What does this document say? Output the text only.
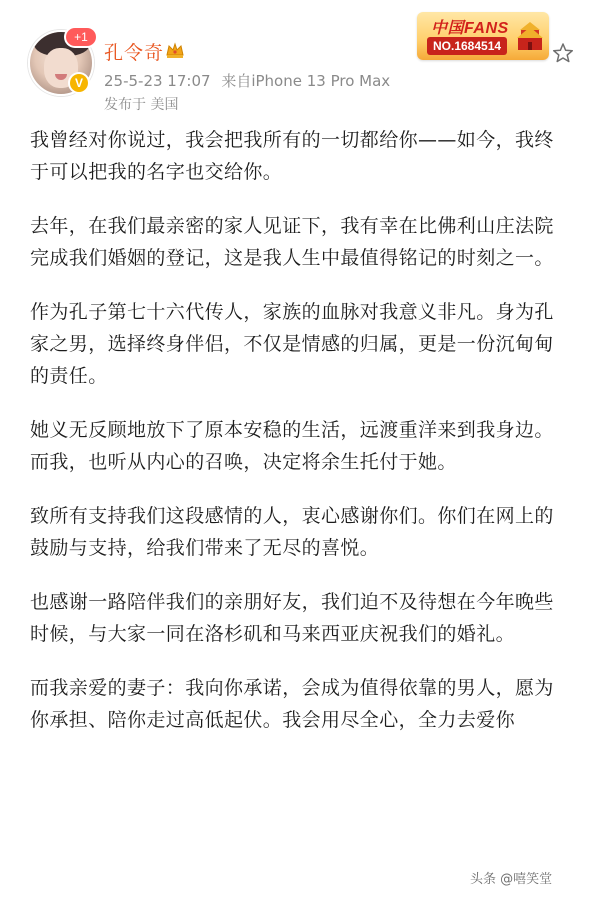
+1
V
孔令奇
25-5-23 17:07 来自iPhone 13 Pro Max
发布于 美国
中国FANS
NO.1684514

我曾经对你说过，我会把我所有的一切都给你——如今，我终于可以把我的名字也交给你。

去年，在我们最亲密的家人见证下，我有幸在比佛利山庄法院完成我们婚姻的登记，这是我人生中最值得铭记的时刻之一。

作为孔子第七十六代传人，家族的血脉对我意义非凡。身为孔家之男，选择终身伴侣，不仅是情感的归属，更是一份沉甸甸的责任。

她义无反顾地放下了原本安稳的生活，远渡重洋来到我身边。而我，也听从内心的召唤，决定将余生托付于她。

致所有支持我们这段感情的人，衷心感谢你们。你们在网上的鼓励与支持，给我们带来了无尽的喜悦。

也感谢一路陪伴我们的亲朋好友，我们迫不及待想在今年晚些时候，与大家一同在洛杉矶和马来西亚庆祝我们的婚礼。

而我亲爱的妻子：我向你承诺，会成为值得依靠的男人，愿为你承担、陪你走过高低起伏。我会用尽全心，全力去爱你

头条 @嘻笑堂
